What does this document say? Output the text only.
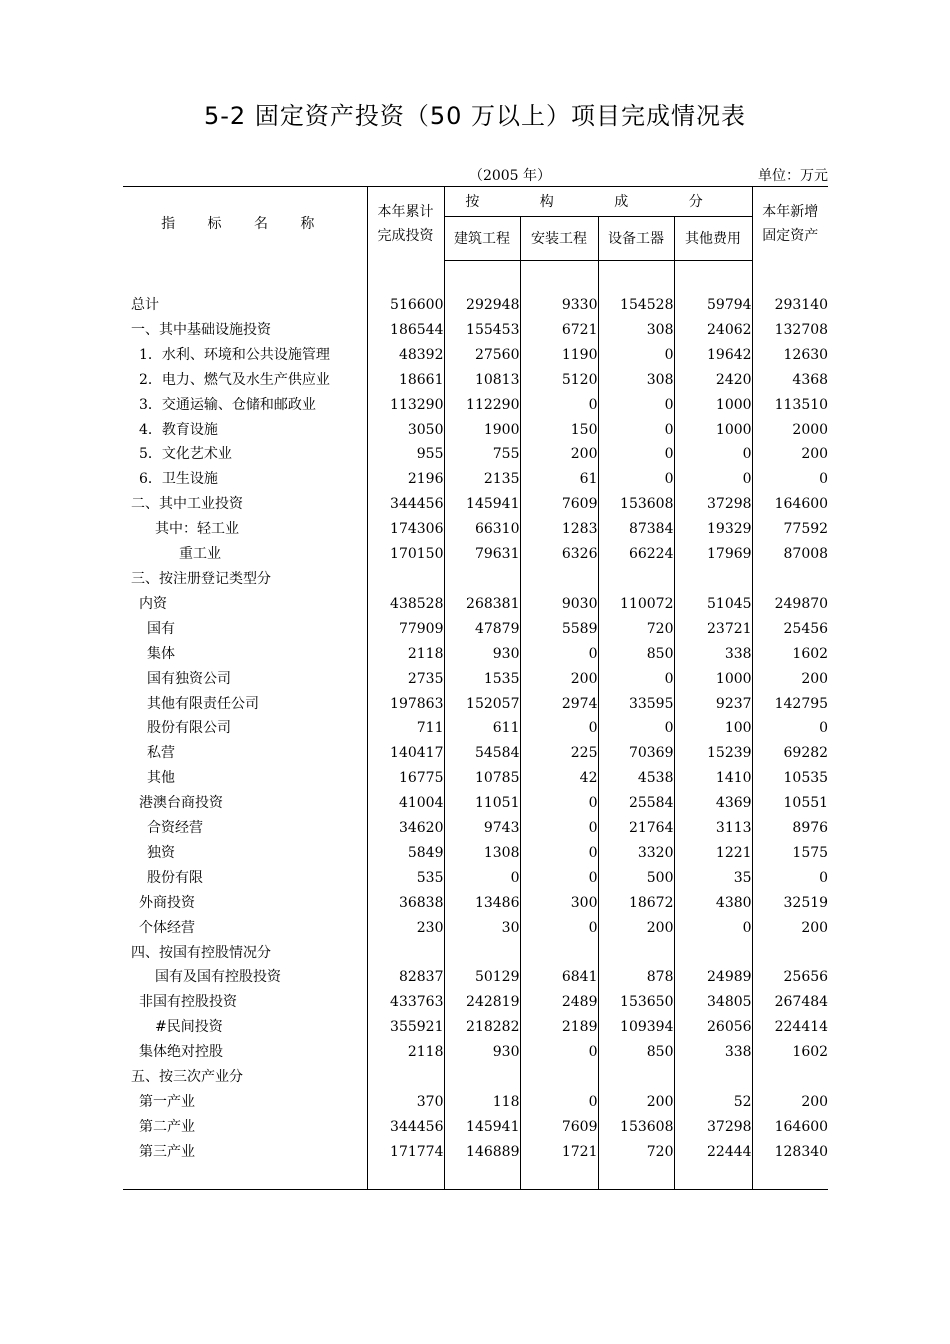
5-2 固定资产投资（50 万以上）项目完成情况表
（2005 年）	单位：万元
指 标 名 称	本年累计
完成投资	按 构 成 分				本年新增
固定资产

		建筑工程	安装工程	设备工器	其他费用	

总计	516600	292948	9330	154528	59794	293140
一、其中基础设施投资	186544	155453	6721	308	24062	132708
1．水利、环境和公共设施管理	48392	27560	1190	0	19642	12630
2．电力、燃气及水生产供应业	18661	10813	5120	308	2420	4368
3．交通运输、仓储和邮政业	113290	112290	0	0	1000	113510
4．教育设施	3050	1900	150	0	1000	2000
5．文化艺术业	955	755	200	0	0	200
6．卫生设施	2196	2135	61	0	0	0
二、其中工业投资	344456	145941	7609	153608	37298	164600
其中：轻工业	174306	66310	1283	87384	19329	77592
重工业	170150	79631	6326	66224	17969	87008
三、按注册登记类型分						
内资	438528	268381	9030	110072	51045	249870
国有	77909	47879	5589	720	23721	25456
集体	2118	930	0	850	338	1602
国有独资公司	2735	1535	200	0	1000	200
其他有限责任公司	197863	152057	2974	33595	9237	142795
股份有限公司	711	611	0	0	100	0
私营	140417	54584	225	70369	15239	69282
其他	16775	10785	42	4538	1410	10535
港澳台商投资	41004	11051	0	25584	4369	10551
合资经营	34620	9743	0	21764	3113	8976
独资	5849	1308	0	3320	1221	1575
股份有限	535	0	0	500	35	0
外商投资	36838	13486	300	18672	4380	32519
个体经营	230	30	0	200	0	200
四、按国有控股情况分						
国有及国有控股投资	82837	50129	6841	878	24989	25656
非国有控股投资	433763	242819	2489	153650	34805	267484
#民间投资	355921	218282	2189	109394	26056	224414
集体绝对控股	2118	930	0	850	338	1602
五、按三次产业分						
第一产业	370	118	0	200	52	200
第二产业	344456	145941	7609	153608	37298	164600
第三产业	171774	146889	1721	720	22444	128340
